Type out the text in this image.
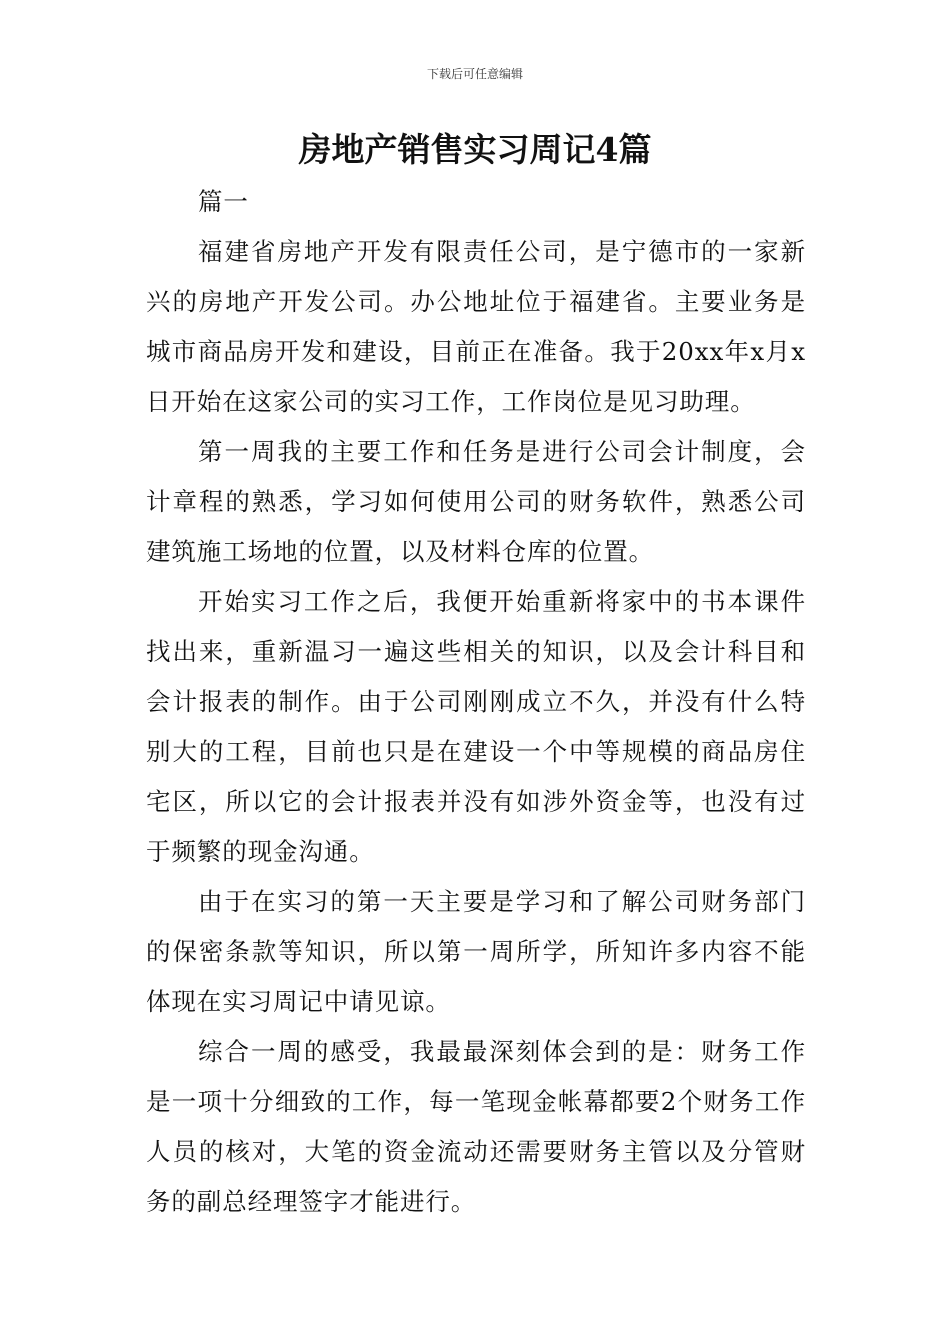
下载后可任意编辑
房地产销售实习周记4篇

篇一

福建省房地产开发有限责任公司，是宁德市的一家新兴的房地产开发公司。办公地址位于福建省。主要业务是城市商品房开发和建设，目前正在准备。我于20xx年x月x日开始在这家公司的实习工作，工作岗位是见习助理。

第一周我的主要工作和任务是进行公司会计制度，会计章程的熟悉，学习如何使用公司的财务软件，熟悉公司建筑施工场地的位置，以及材料仓库的位置。

开始实习工作之后，我便开始重新将家中的书本课件找出来，重新温习一遍这些相关的知识，以及会计科目和会计报表的制作。由于公司刚刚成立不久，并没有什么特别大的工程，目前也只是在建设一个中等规模的商品房住宅区，所以它的会计报表并没有如涉外资金等，也没有过于频繁的现金沟通。

由于在实习的第一天主要是学习和了解公司财务部门的保密条款等知识，所以第一周所学，所知许多内容不能体现在实习周记中请见谅。

综合一周的感受，我最最深刻体会到的是：财务工作是一项十分细致的工作，每一笔现金帐幕都要2个财务工作人员的核对，大笔的资金流动还需要财务主管以及分管财务的副总经理签字才能进行。
